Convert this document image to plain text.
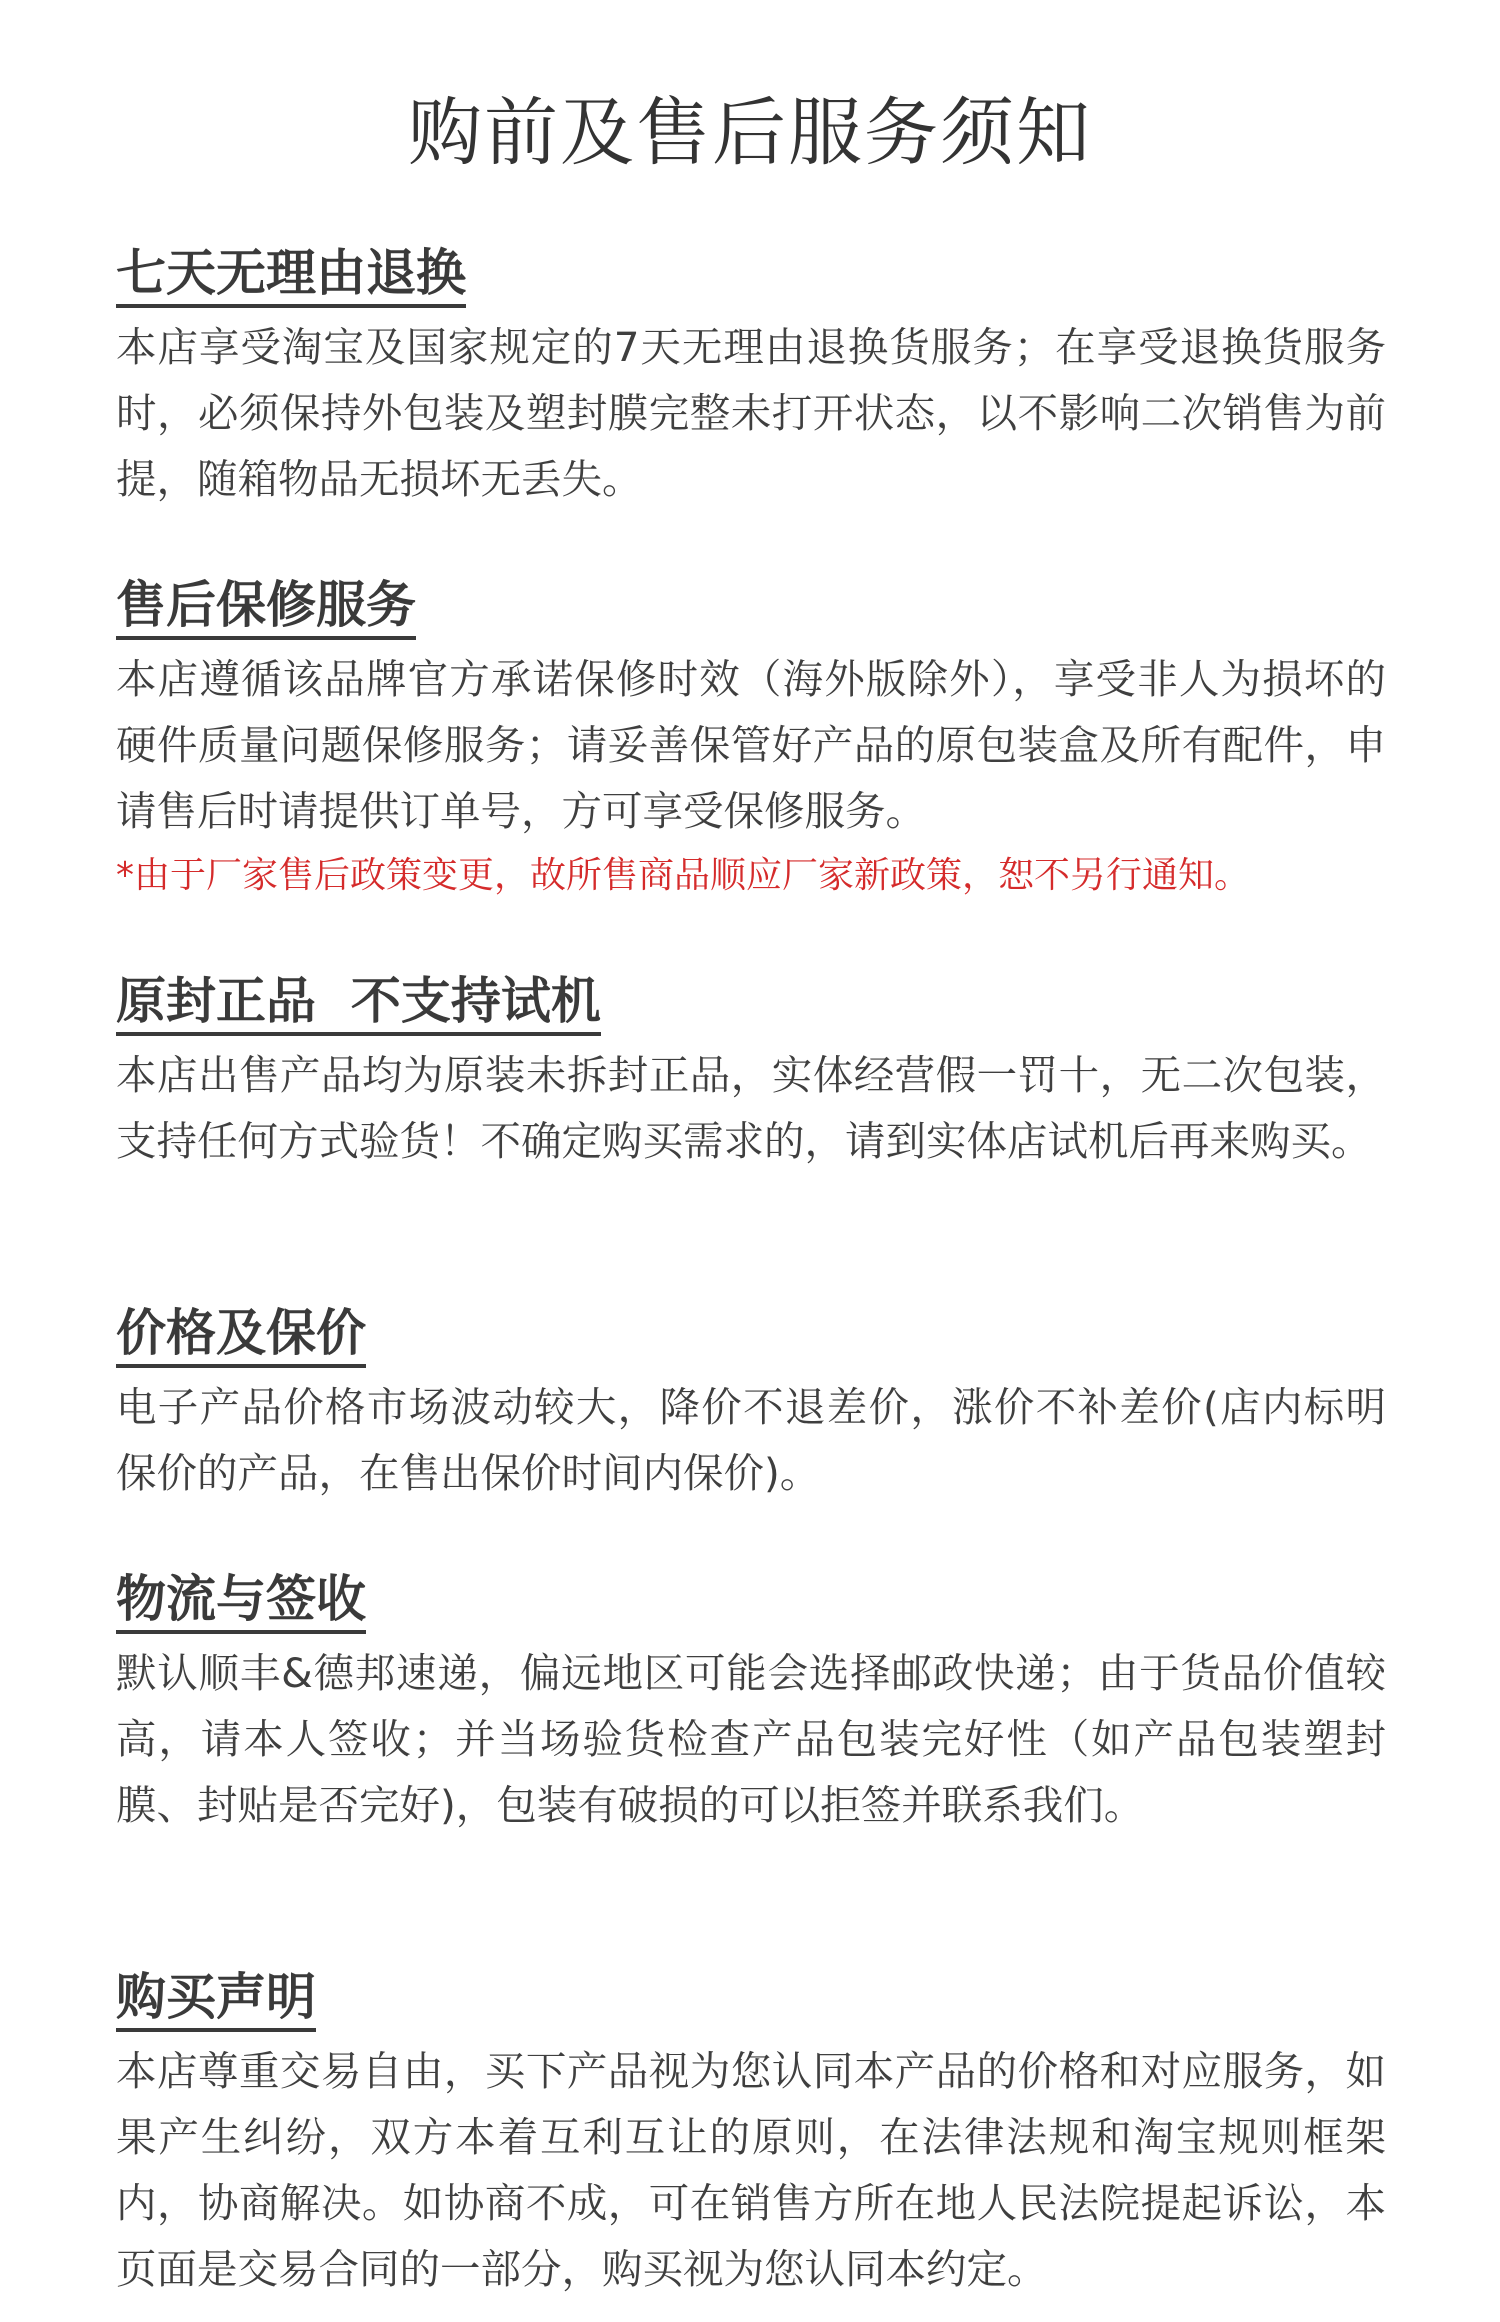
购前及售后服务须知
七天无理由退换

本店享受淘宝及国家规定的7天无理由退换货服务；在享受退换货服务时，必须保持外包装及塑封膜完整未打开状态，以不影响二次销售为前提，随箱物品无损坏无丢失。

售后保修服务

本店遵循该品牌官方承诺保修时效（海外版除外），享受非人为损坏的硬件质量问题保修服务；请妥善保管好产品的原包装盒及所有配件，申请售后时请提供订单号，方可享受保修服务。

*由于厂家售后政策变更，故所售商品顺应厂家新政策，恕不另行通知。

原封正品  不支持试机

本店出售产品均为原装未拆封正品，实体经营假一罚十，无二次包装，支持任何方式验货！不确定购买需求的，请到实体店试机后再来购买。

价格及保价

电子产品价格市场波动较大，降价不退差价，涨价不补差价(店内标明保价的产品，在售出保价时间内保价)。

物流与签收

默认顺丰&德邦速递，偏远地区可能会选择邮政快递；由于货品价值较高，请本人签收；并当场验货检查产品包装完好性（如产品包装塑封膜、封贴是否完好)，包装有破损的可以拒签并联系我们。

购买声明

本店尊重交易自由，买下产品视为您认同本产品的价格和对应服务，如果产生纠纷，双方本着互利互让的原则，在法律法规和淘宝规则框架内，协商解决。如协商不成，可在销售方所在地人民法院提起诉讼，本页面是交易合同的一部分，购买视为您认同本约定。
